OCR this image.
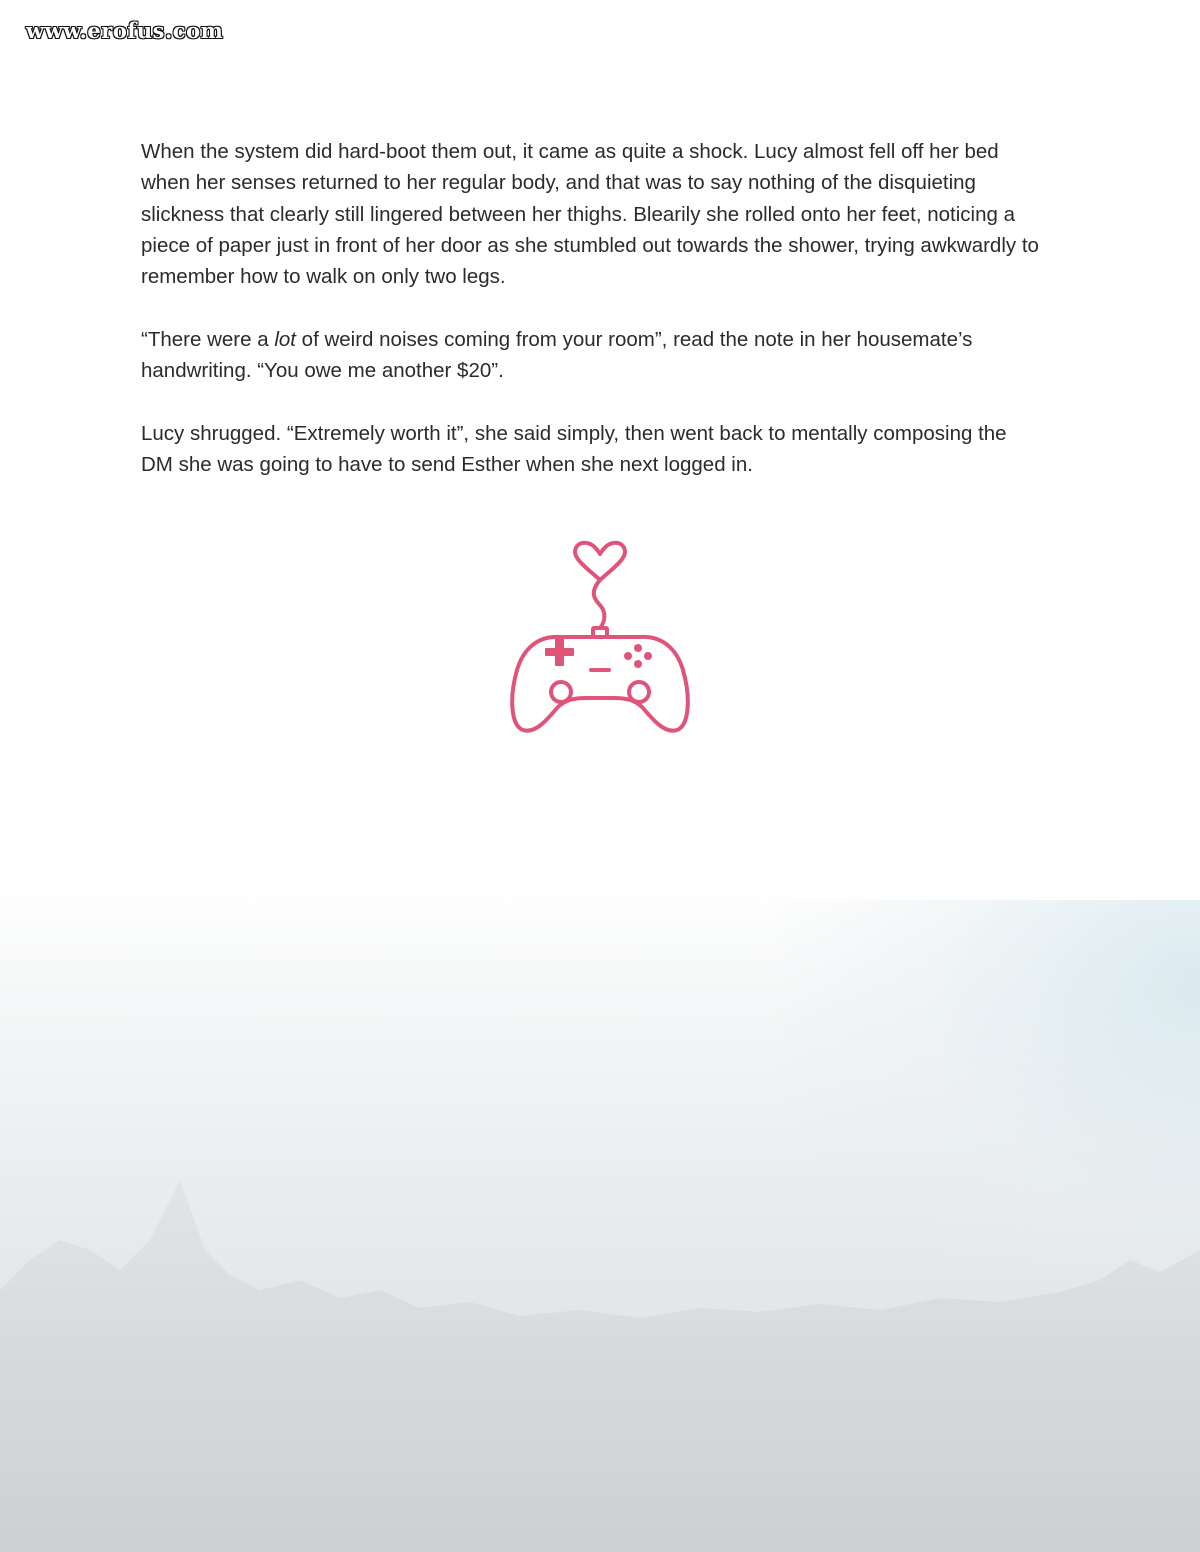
www.erofus.com

When the system did hard-boot them out, it came as quite a shock. Lucy almost fell off her bed when her senses returned to her regular body, and that was to say nothing of the disquieting slickness that clearly still lingered between her thighs. Blearily she rolled onto her feet, noticing a piece of paper just in front of her door as she stumbled out towards the shower, trying awkwardly to remember how to walk on only two legs.

“There were a lot of weird noises coming from your room”, read the note in her housemate’s handwriting. “You owe me another $20”.

Lucy shrugged. “Extremely worth it”, she said simply, then went back to mentally composing the DM she was going to have to send Esther when she next logged in.
